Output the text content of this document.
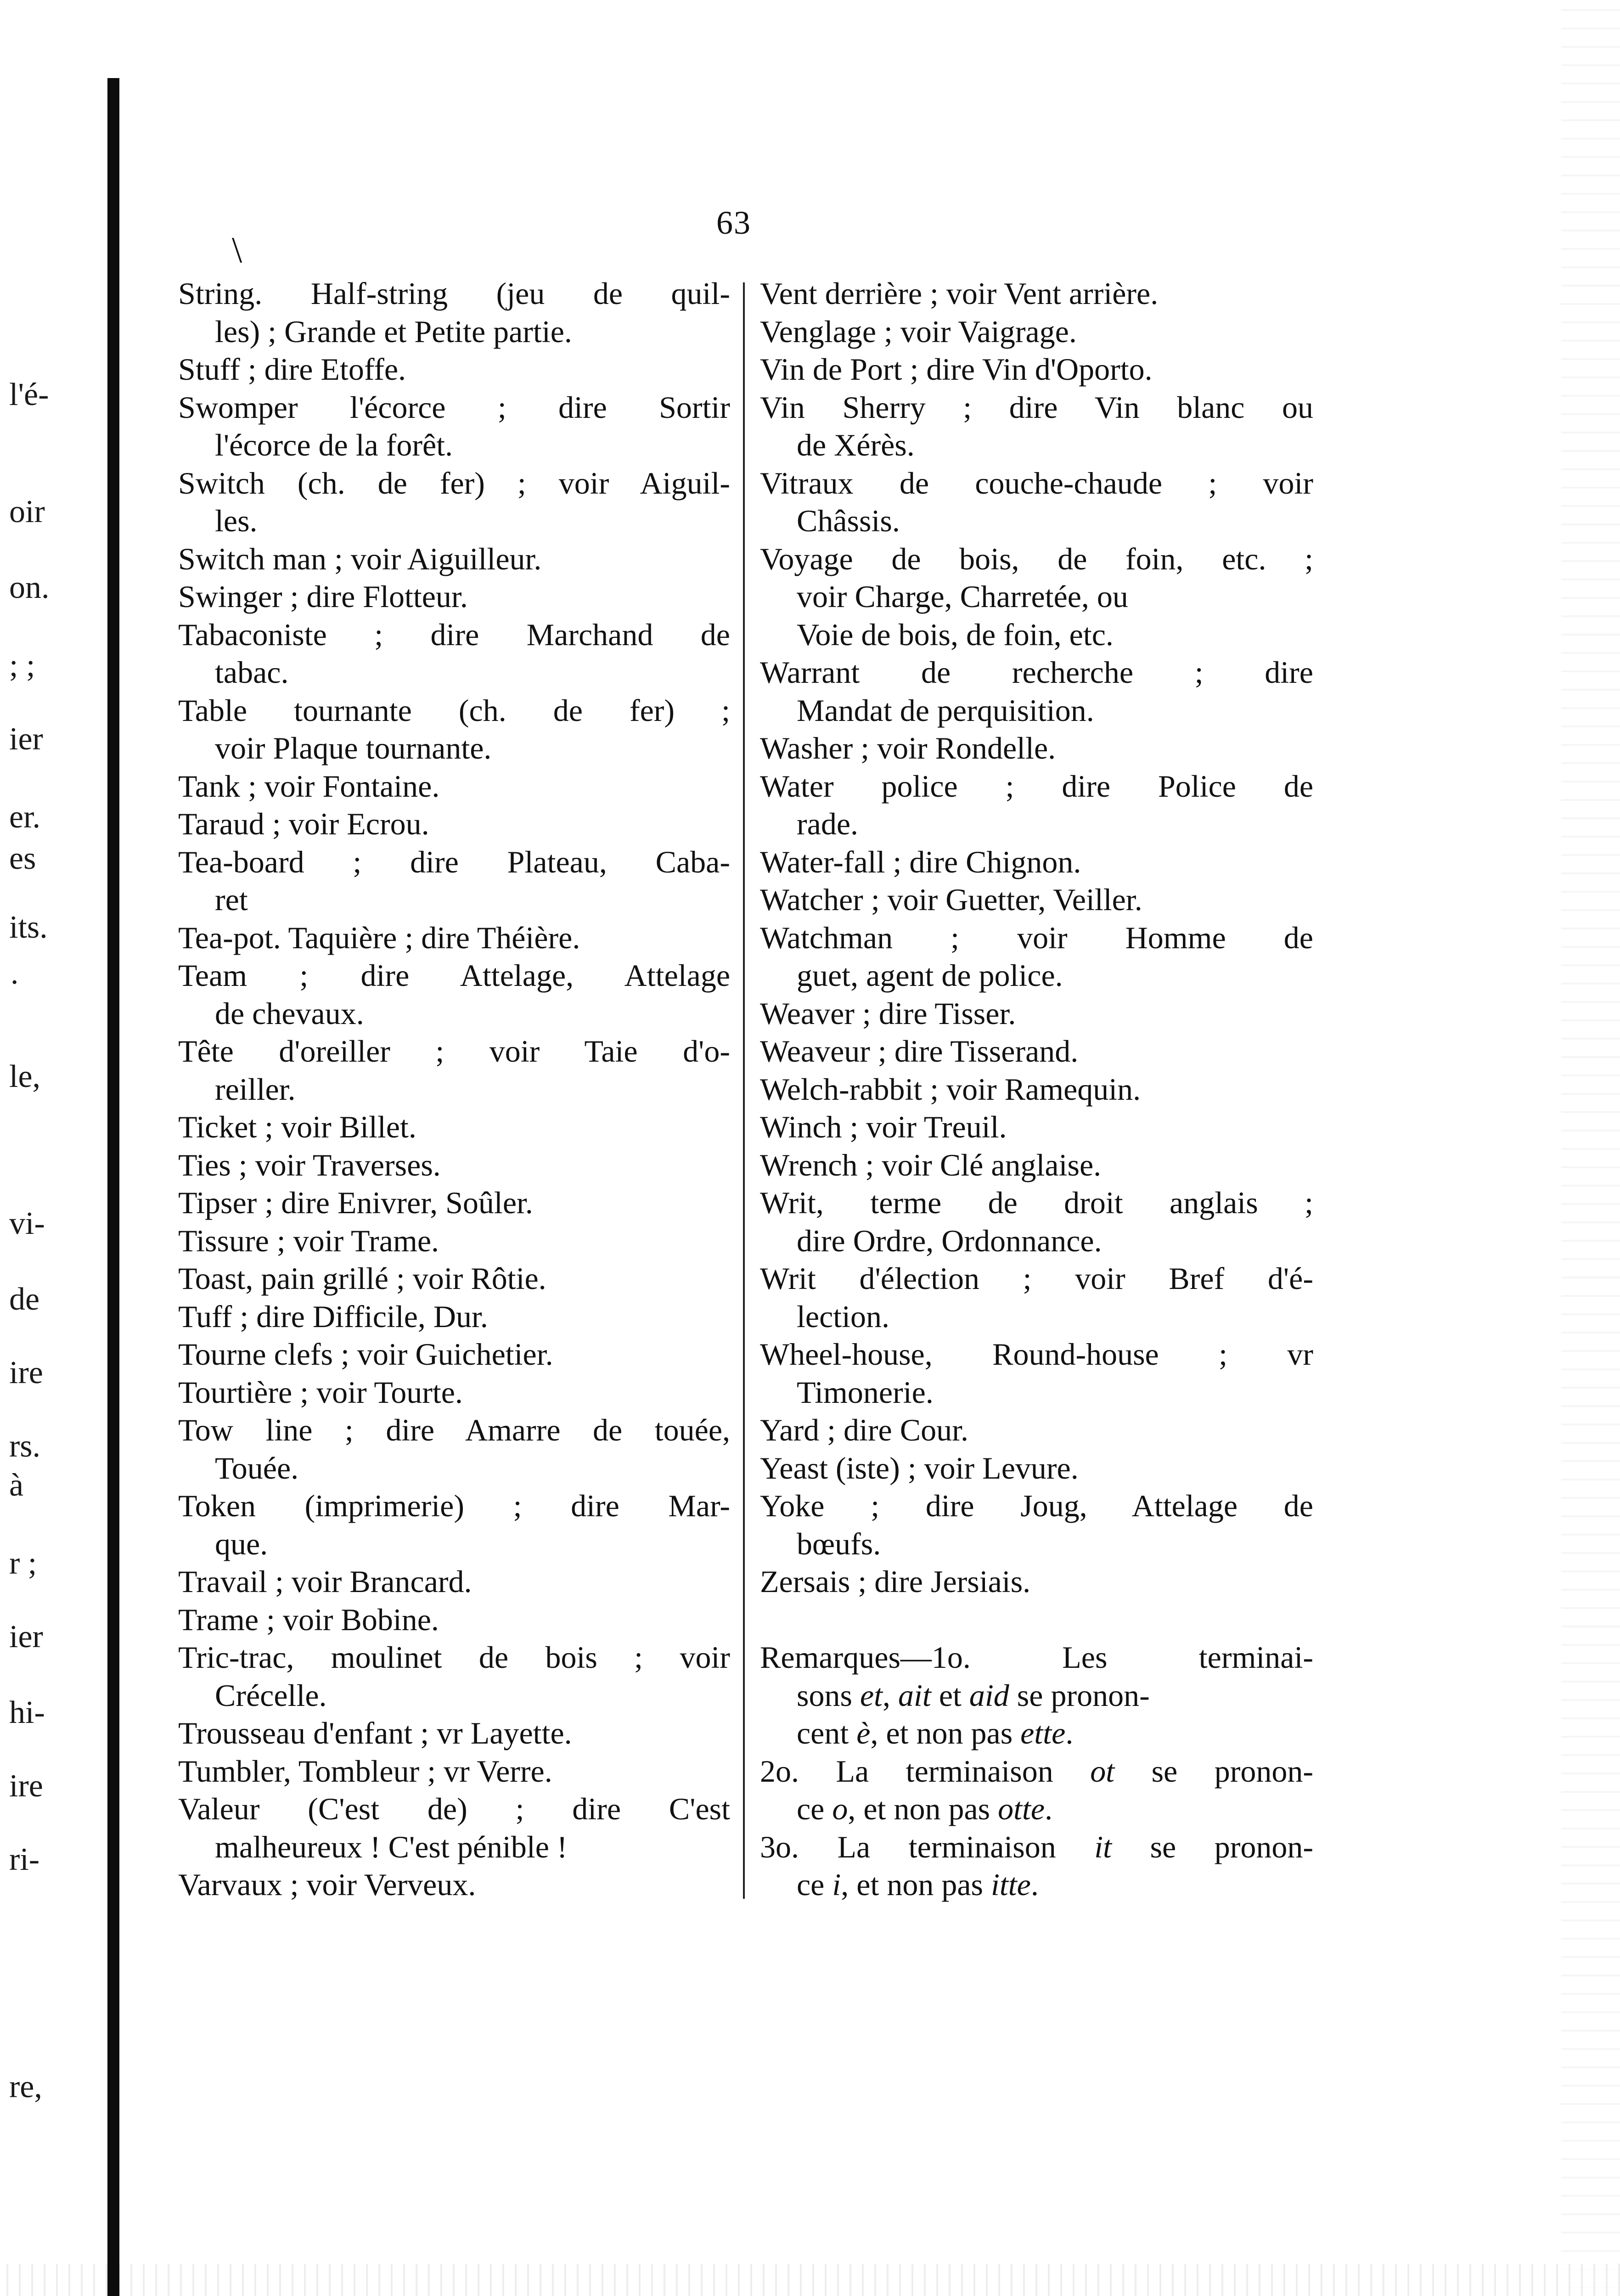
l'é-
oir
on.
; ;
ier
er.
es
its.
·
le,
vi-
de
ire
rs.
à
r ;
ier
hi-
ire
ri-
re,
\
63
String. Half-string (jeu de quil-
les) ; Grande et Petite partie.
Stuff ; dire Etoffe.
Swomper l'écorce ; dire Sortir
l'écorce de la forêt.
Switch (ch. de fer) ; voir Aiguil-
les.
Switch man ; voir Aiguilleur.
Swinger ; dire Flotteur.
Tabaconiste ; dire Marchand de
tabac.
Table tournante (ch. de fer) ;
voir Plaque tournante.
Tank ; voir Fontaine.
Taraud ; voir Ecrou.
Tea-board ; dire Plateau, Caba-
ret
Tea-pot. Taquière ; dire Théière.
Team ; dire Attelage, Attelage
de chevaux.
Tête d'oreiller ; voir Taie d'o-
reiller.
Ticket ; voir Billet.
Ties ; voir Traverses.
Tipser ; dire Enivrer, Soûler.
Tissure ; voir Trame.
Toast, pain grillé ; voir Rôtie.
Tuff ; dire Difficile, Dur.
Tourne clefs ; voir Guichetier.
Tourtière ; voir Tourte.
Tow line ; dire Amarre de touée,
Touée.
Token (imprimerie) ; dire Mar-
que.
Travail ; voir Brancard.
Trame ; voir Bobine.
Tric-trac, moulinet de bois ; voir
Crécelle.
Trousseau d'enfant ; vr Layette.
Tumbler, Tombleur ; vr Verre.
Valeur (C'est de) ; dire C'est
malheureux ! C'est pénible !
Varvaux ; voir Verveux.
Vent derrière ; voir Vent arrière.
Venglage ; voir Vaigrage.
Vin de Port ; dire Vin d'Oporto.
Vin Sherry ; dire Vin blanc ou
de Xérès.
Vitraux de couche-chaude ; voir
Châssis.
Voyage de bois, de foin, etc. ;
voir Charge, Charretée, ou
Voie de bois, de foin, etc.
Warrant de recherche ; dire
Mandat de perquisition.
Washer ; voir Rondelle.
Water police ; dire Police de
rade.
Water-fall ; dire Chignon.
Watcher ; voir Guetter, Veiller.
Watchman ; voir Homme de
guet, agent de police.
Weaver ; dire Tisser.
Weaveur ; dire Tisserand.
Welch-rabbit ; voir Ramequin.
Winch ; voir Treuil.
Wrench ; voir Clé anglaise.
Writ, terme de droit anglais ;
dire Ordre, Ordonnance.
Writ d'élection ; voir Bref d'é-
lection.
Wheel-house, Round-house ; vr
Timonerie.
Yard ; dire Cour.
Yeast (iste) ; voir Levure.
Yoke ; dire Joug, Attelage de
bœufs.
Zersais ; dire Jersiais.
Remarques—1o. Les terminai-
sons et, ait et aid se pronon-
cent è, et non pas ette.
2o. La terminaison ot se pronon-
ce o, et non pas otte.
3o. La terminaison it se pronon-
ce i, et non pas itte.
